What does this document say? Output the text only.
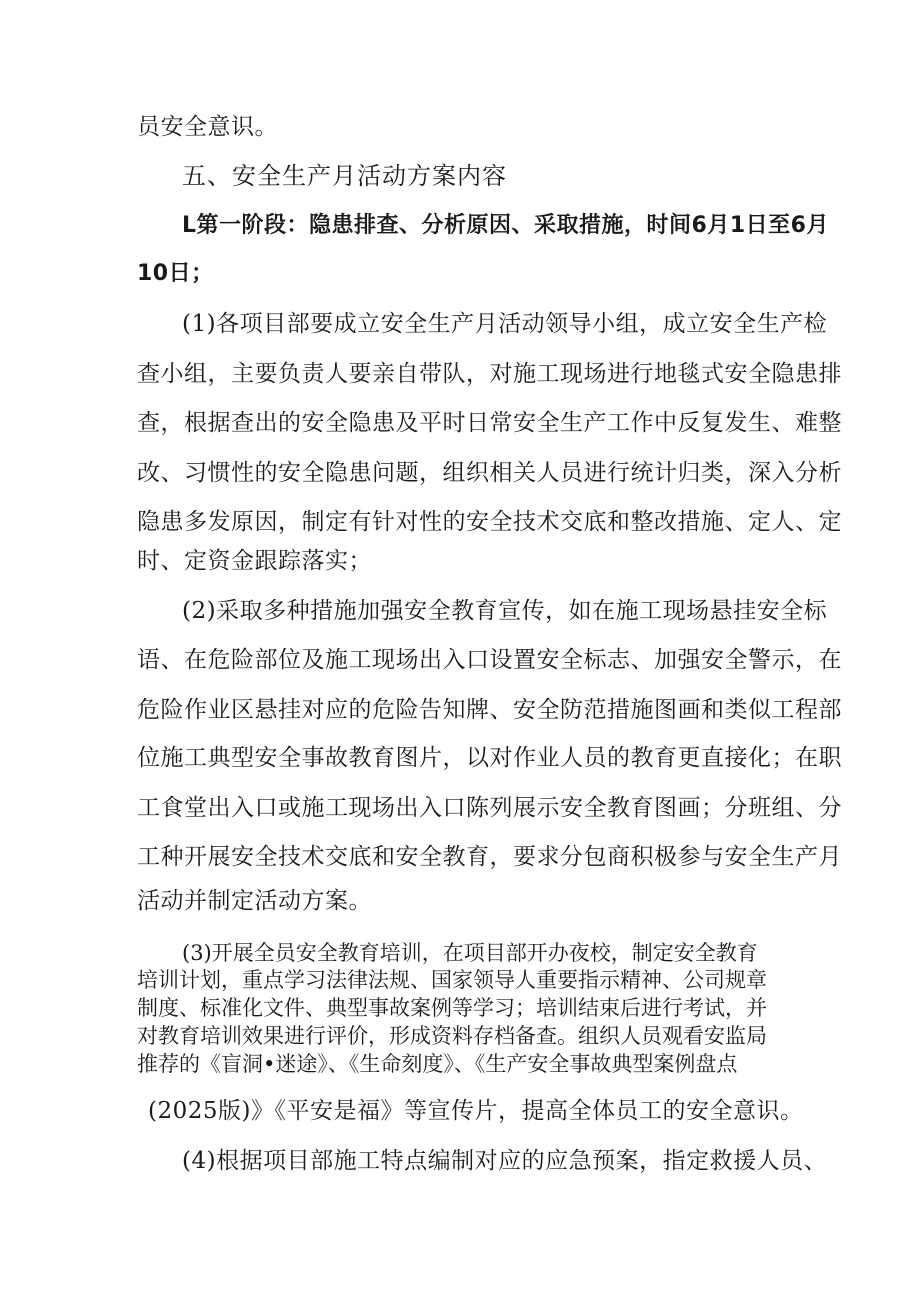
员安全意识。
五、安全生产月活动方案内容
L第一阶段：隐患排查、分析原因、采取措施，时间6月1日至6月
10日；
(1)各项目部要成立安全生产月活动领导小组，成立安全生产检
查小组，主要负责人要亲自带队，对施工现场进行地毯式安全隐患排
查，根据查出的安全隐患及平时日常安全生产工作中反复发生、难整
改、习惯性的安全隐患问题，组织相关人员进行统计归类，深入分析
隐患多发原因，制定有针对性的安全技术交底和整改措施、定人、定
时、定资金跟踪落实；
(2)采取多种措施加强安全教育宣传，如在施工现场悬挂安全标
语、在危险部位及施工现场出入口设置安全标志、加强安全警示，在
危险作业区悬挂对应的危险告知牌、安全防范措施图画和类似工程部
位施工典型安全事故教育图片，以对作业人员的教育更直接化；在职
工食堂出入口或施工现场出入口陈列展示安全教育图画；分班组、分
工种开展安全技术交底和安全教育，要求分包商积极参与安全生产月
活动并制定活动方案。
(3)开展全员安全教育培训，在项目部开办夜校，制定安全教育
培训计划，重点学习法律法规、国家领导人重要指示精神、公司规章
制度、标准化文件、典型事故案例等学习；培训结束后进行考试，并
对教育培训效果进行评价，形成资料存档备查。组织人员观看安监局
推荐的《盲洞•迷途》、《生命刻度》、《生产安全事故典型案例盘点
(2025版)》《平安是福》等宣传片，提高全体员工的安全意识。
(4)根据项目部施工特点编制对应的应急预案，指定救援人员、
